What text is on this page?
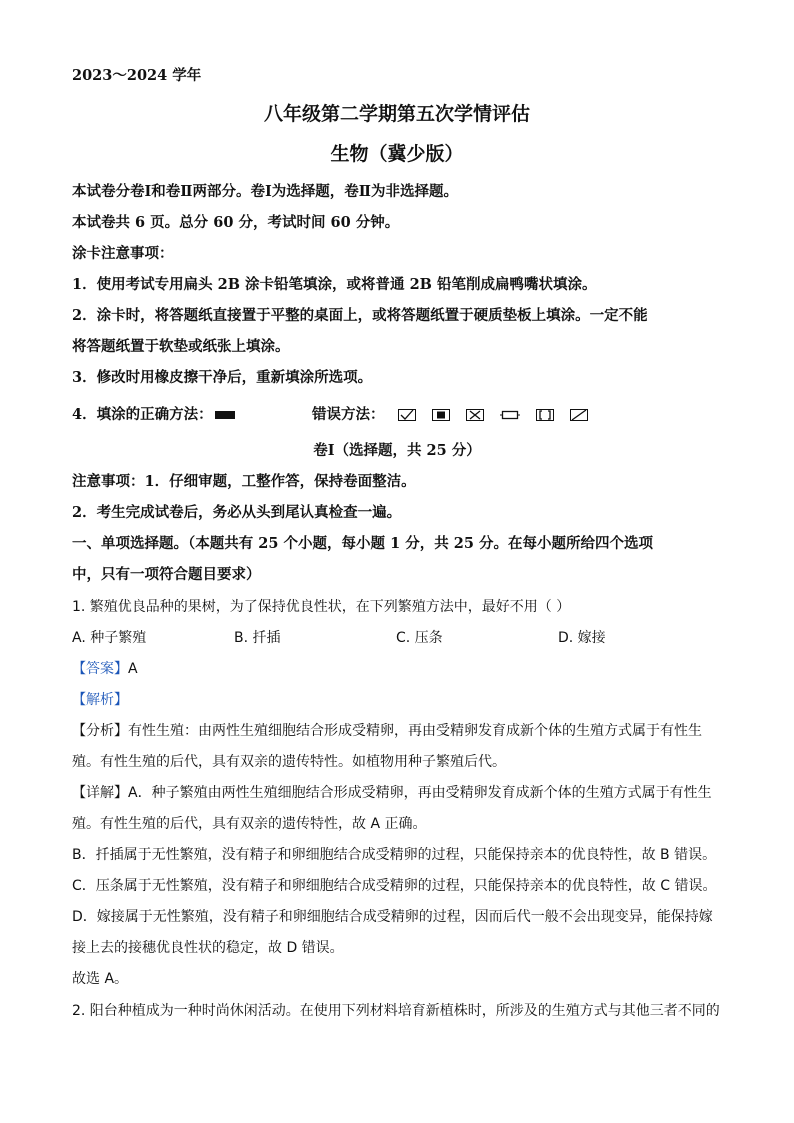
2023～2024 学年
八年级第二学期第五次学情评估
生物（冀少版）
本试卷分卷Ⅰ和卷Ⅱ两部分。卷Ⅰ为选择题，卷Ⅱ为非选择题。
本试卷共 6 页。总分 60 分，考试时间 60 分钟。
涂卡注意事项：
1．使用考试专用扁头 2B 涂卡铅笔填涂，或将普通 2B 铅笔削成扁鸭嘴状填涂。
2．涂卡时，将答题纸直接置于平整的桌面上，或将答题纸置于硬质垫板上填涂。一定不能
将答题纸置于软垫或纸张上填涂。
3．修改时用橡皮擦干净后，重新填涂所选项。
4．填涂的正确方法：	错误方法：
卷Ⅰ（选择题，共 25 分）
注意事项：1．仔细审题，工整作答，保持卷面整洁。
2．考生完成试卷后，务必从头到尾认真检查一遍。
一、单项选择题。（本题共有 25 个小题，每小题 1 分，共 25 分。在每小题所给四个选项
中，只有一项符合题目要求）
1. 繁殖优良品种的果树，为了保持优良性状，在下列繁殖方法中，最好不用（ ）
A. 种子繁殖	B. 扦插	C. 压条	D. 嫁接
【答案】A
【解析】
【分析】有性生殖：由两性生殖细胞结合形成受精卵，再由受精卵发育成新个体的生殖方式属于有性生
殖。有性生殖的后代，具有双亲的遗传特性。如植物用种子繁殖后代。
【详解】A．种子繁殖由两性生殖细胞结合形成受精卵，再由受精卵发育成新个体的生殖方式属于有性生
殖。有性生殖的后代，具有双亲的遗传特性，故 A 正确。
B．扦插属于无性繁殖，没有精子和卵细胞结合成受精卵的过程，只能保持亲本的优良特性，故 B 错误。
C．压条属于无性繁殖，没有精子和卵细胞结合成受精卵的过程，只能保持亲本的优良特性，故 C 错误。
D．嫁接属于无性繁殖，没有精子和卵细胞结合成受精卵的过程，因而后代一般不会出现变异，能保持嫁
接上去的接穗优良性状的稳定，故 D 错误。
故选 A。
2. 阳台种植成为一种时尚休闲活动。在使用下列材料培育新植株时，所涉及的生殖方式与其他三者不同的
